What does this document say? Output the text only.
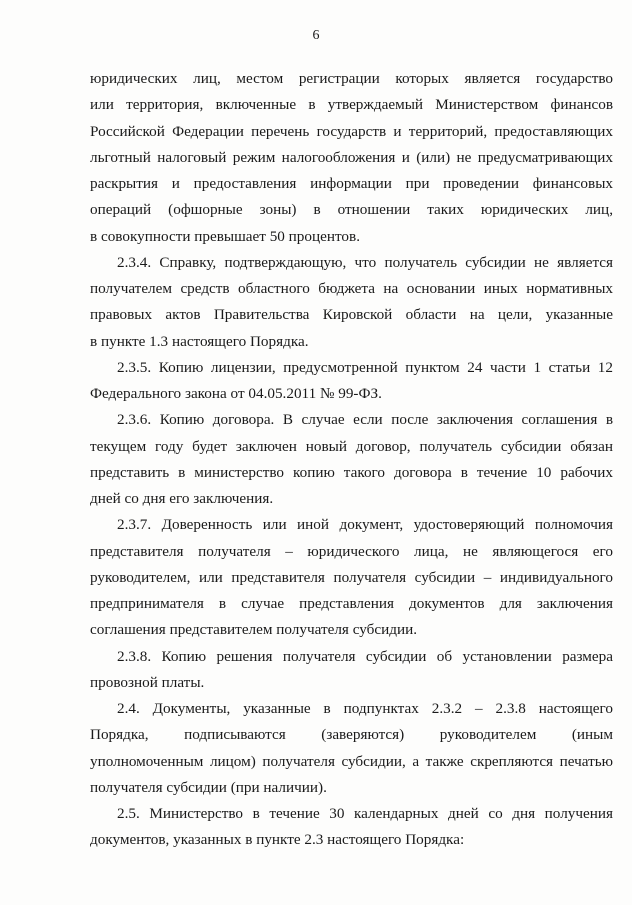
6
юридических лиц, местом регистрации которых является государство
или территория, включенные в утверждаемый Министерством финансов
Российской Федерации перечень государств и территорий, предоставляющих
льготный налоговый режим налогообложения и (или) не предусматривающих
раскрытия и предоставления информации при проведении финансовых
операций (офшорные зоны) в отношении таких юридических лиц,
в совокупности превышает 50 процентов.
2.3.4. Справку, подтверждающую, что получатель субсидии не является
получателем средств областного бюджета на основании иных нормативных
правовых актов Правительства Кировской области на цели, указанные
в пункте 1.3 настоящего Порядка.
2.3.5. Копию лицензии, предусмотренной пунктом 24 части 1 статьи 12
Федерального закона от 04.05.2011 № 99-ФЗ.
2.3.6. Копию договора. В случае если после заключения соглашения в
текущем году будет заключен новый договор, получатель субсидии обязан
представить в министерство копию такого договора в течение 10 рабочих
дней со дня его заключения.
2.3.7. Доверенность или иной документ, удостоверяющий полномочия
представителя получателя – юридического лица, не являющегося его
руководителем, или представителя получателя субсидии – индивидуального
предпринимателя в случае представления документов для заключения
соглашения представителем получателя субсидии.
2.3.8. Копию решения получателя субсидии об установлении размера
провозной платы.
2.4. Документы, указанные в подпунктах 2.3.2 – 2.3.8 настоящего
Порядка, подписываются (заверяются) руководителем (иным
уполномоченным лицом) получателя субсидии, а также скрепляются печатью
получателя субсидии (при наличии).
2.5. Министерство в течение 30 календарных дней со дня получения
документов, указанных в пункте 2.3 настоящего Порядка:
